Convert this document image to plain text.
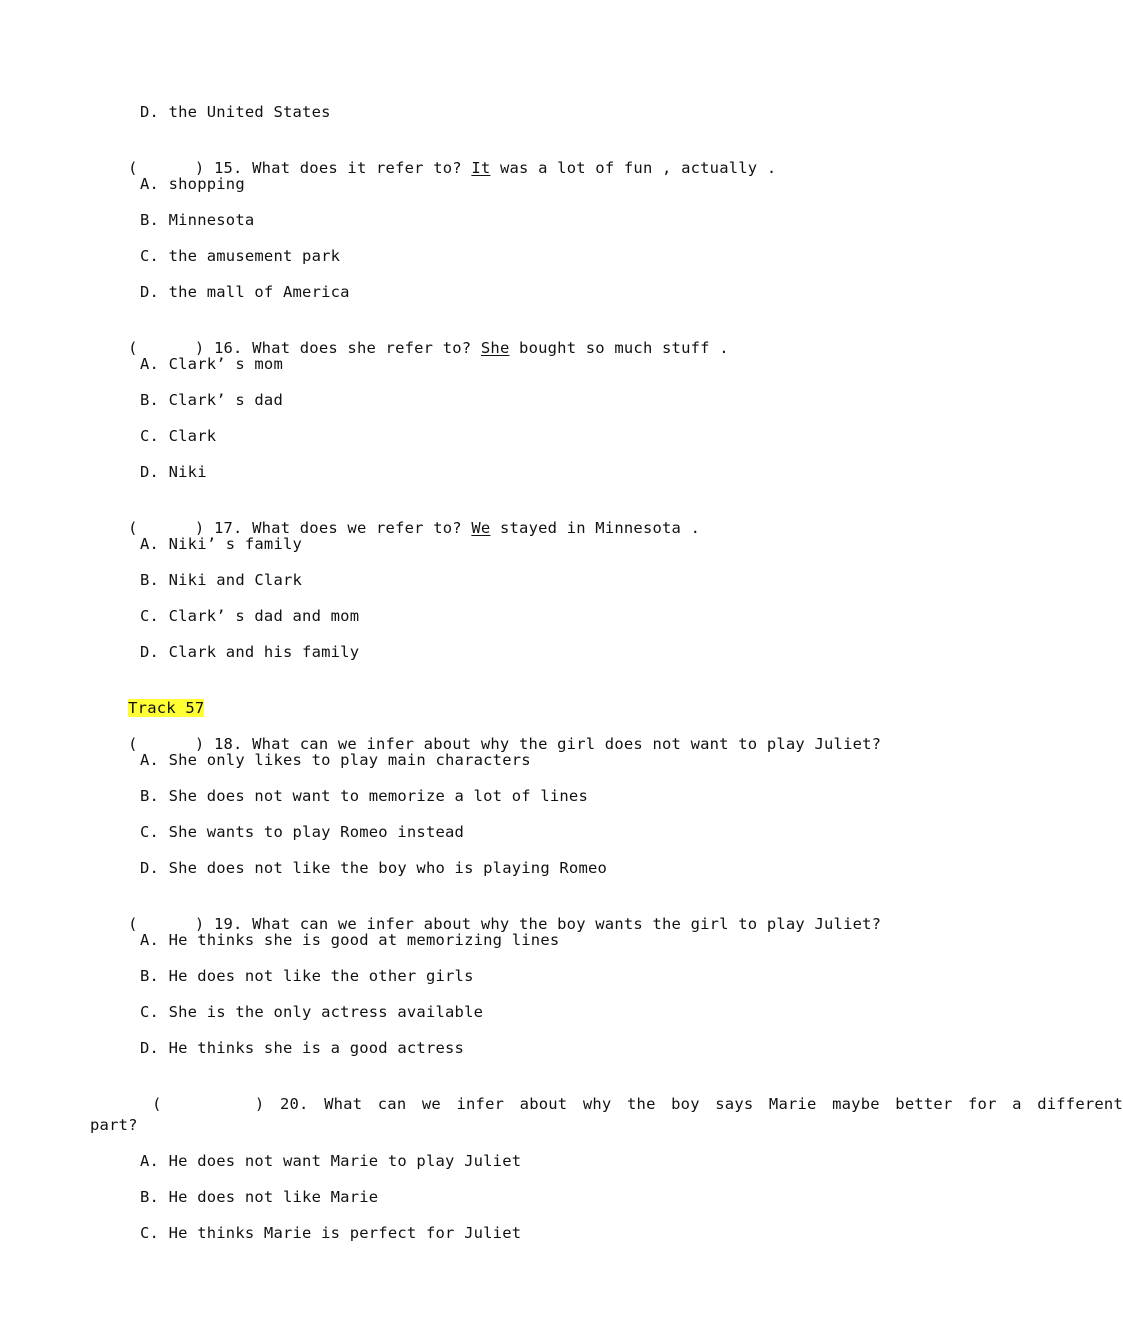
D. the United States

(      ) 15. What does it refer to? It was a lot of fun , actually .

A. shopping
B. Minnesota
C. the amusement park
D. the mall of America

(      ) 16. What does she refer to? She bought so much stuff .

A. Clark’ s mom
B. Clark’ s dad
C. Clark
D. Niki

(      ) 17. What does we refer to? We stayed in Minnesota .

A. Niki’ s family
B. Niki and Clark
C. Clark’ s dad and mom
D. Clark and his family

Track 57

(      ) 18. What can we infer about why the girl does not want to play Juliet?

A. She only likes to play main characters
B. She does not want to memorize a lot of lines
C. She wants to play Romeo instead
D. She does not like the boy who is playing Romeo

(      ) 19. What can we infer about why the boy wants the girl to play Juliet?

A. He thinks she is good at memorizing lines
B. He does not like the other girls
C. She is the only actress available
D. He thinks she is a good actress

(      ) 20. What can we infer about why the boy says Marie maybe better for a different

part?
A. He does not want Marie to play Juliet
B. He does not like Marie
C. He thinks Marie is perfect for Juliet
